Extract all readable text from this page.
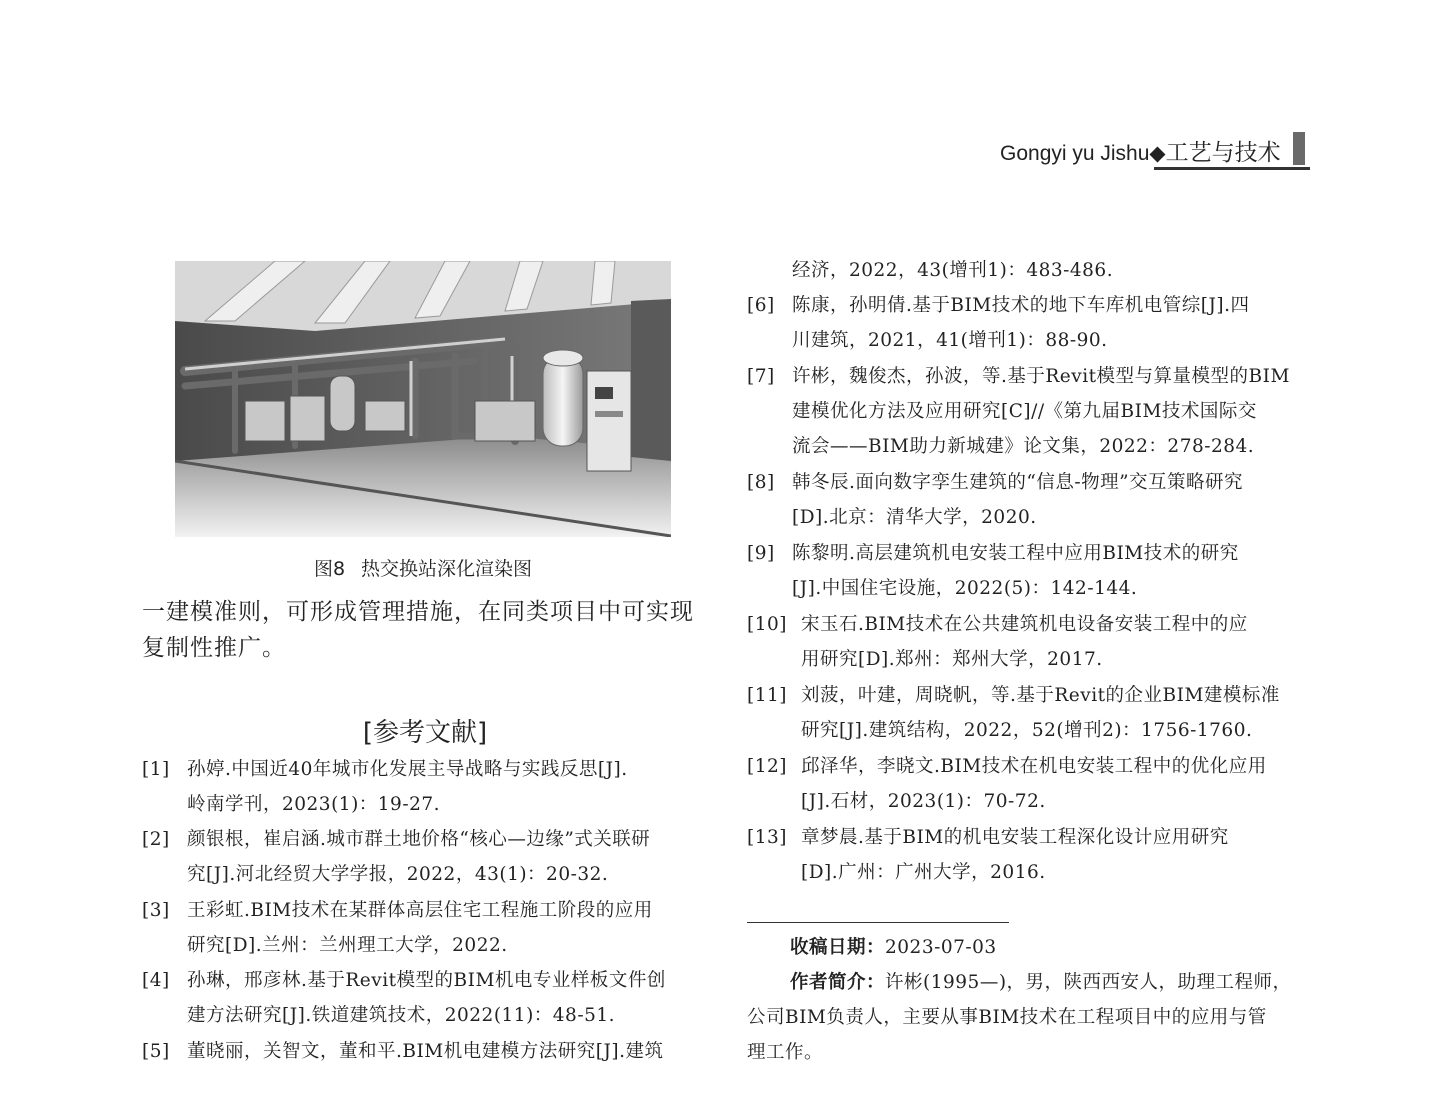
Gongyi yu Jishu◆工艺与技术
图8 热交换站深化渲染图
一建模准则，可形成管理措施，在同类项目中可实现
复制性推广。
[参考文献]
[1] 孙婷.中国近40年城市化发展主导战略与实践反思[J].
岭南学刊，2023(1)：19-27.
[2] 颜银根，崔启涵.城市群土地价格“核心—边缘”式关联研
究[J].河北经贸大学学报，2022，43(1)：20-32.
[3] 王彩虹.BIM技术在某群体高层住宅工程施工阶段的应用
研究[D].兰州：兰州理工大学，2022.
[4] 孙琳，邢彦林.基于Revit模型的BIM机电专业样板文件创
建方法研究[J].铁道建筑技术，2022(11)：48-51.
[5] 董晓丽，关智文，董和平.BIM机电建模方法研究[J].建筑
经济，2022，43(增刊1)：483-486.
[6] 陈康，孙明倩.基于BIM技术的地下车库机电管综[J].四
川建筑，2021，41(增刊1)：88-90.
[7] 许彬，魏俊杰，孙波，等.基于Revit模型与算量模型的BIM
建模优化方法及应用研究[C]//《第九届BIM技术国际交
流会——BIM助力新城建》论文集，2022：278-284.
[8] 韩冬辰.面向数字孪生建筑的“信息-物理”交互策略研究
[D].北京：清华大学，2020.
[9] 陈黎明.高层建筑机电安装工程中应用BIM技术的研究
[J].中国住宅设施，2022(5)：142-144.
[10] 宋玉石.BIM技术在公共建筑机电设备安装工程中的应
用研究[D].郑州：郑州大学，2017.
[11] 刘菠，叶建，周晓帆，等.基于Revit的企业BIM建模标准
研究[J].建筑结构，2022，52(增刊2)：1756-1760.
[12] 邱泽华，李晓文.BIM技术在机电安装工程中的优化应用
[J].石材，2023(1)：70-72.
[13] 章梦晨.基于BIM的机电安装工程深化设计应用研究
[D].广州：广州大学，2016.
收稿日期：2023-07-03
作者简介：许彬(1995—)，男，陕西西安人，助理工程师，
公司BIM负责人，主要从事BIM技术在工程项目中的应用与管
理工作。
